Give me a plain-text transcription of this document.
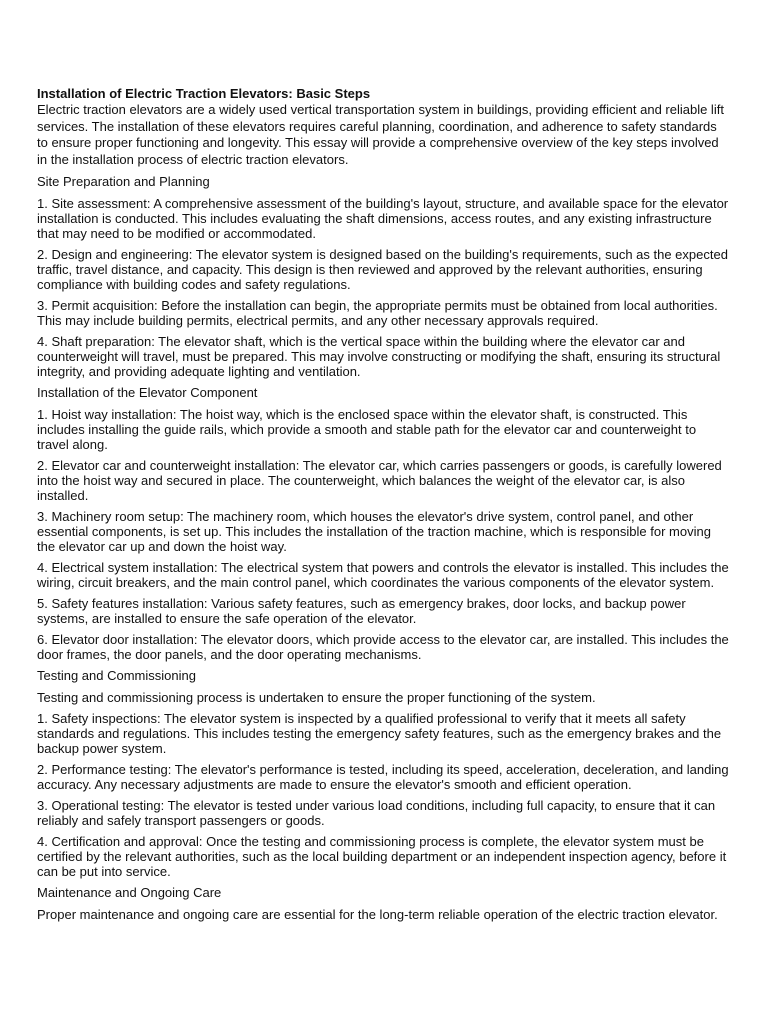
Installation of Electric Traction Elevators: Basic Steps

Electric traction elevators are a widely used vertical transportation system in buildings, providing efficient and reliable lift services. The installation of these elevators requires careful planning, coordination, and adherence to safety standards to ensure proper functioning and longevity. This essay will provide a comprehensive overview of the key steps involved in the installation process of electric traction elevators.

Site Preparation and Planning

1. Site assessment: A comprehensive assessment of the building's layout, structure, and available space for the elevator installation is conducted. This includes evaluating the shaft dimensions, access routes, and any existing infrastructure that may need to be modified or accommodated.

2. Design and engineering: The elevator system is designed based on the building's requirements, such as the expected traffic, travel distance, and capacity. This design is then reviewed and approved by the relevant authorities, ensuring compliance with building codes and safety regulations.

3. Permit acquisition: Before the installation can begin, the appropriate permits must be obtained from local authorities. This may include building permits, electrical permits, and any other necessary approvals required.

4. Shaft preparation: The elevator shaft, which is the vertical space within the building where the elevator car and counterweight will travel, must be prepared. This may involve constructing or modifying the shaft, ensuring its structural integrity, and providing adequate lighting and ventilation.

Installation of the Elevator Component

1. Hoist way installation: The hoist way, which is the enclosed space within the elevator shaft, is constructed. This includes installing the guide rails, which provide a smooth and stable path for the elevator car and counterweight to travel along.

2. Elevator car and counterweight installation: The elevator car, which carries passengers or goods, is carefully lowered into the hoist way and secured in place. The counterweight, which balances the weight of the elevator car, is also installed.

3. Machinery room setup: The machinery room, which houses the elevator's drive system, control panel, and other essential components, is set up. This includes the installation of the traction machine, which is responsible for moving the elevator car up and down the hoist way.

4. Electrical system installation: The electrical system that powers and controls the elevator is installed. This includes the wiring, circuit breakers, and the main control panel, which coordinates the various components of the elevator system.

5. Safety features installation: Various safety features, such as emergency brakes, door locks, and backup power systems, are installed to ensure the safe operation of the elevator.

6. Elevator door installation: The elevator doors, which provide access to the elevator car, are installed. This includes the door frames, the door panels, and the door operating mechanisms.

Testing and Commissioning

Testing and commissioning process is undertaken to ensure the proper functioning of the system.

1. Safety inspections: The elevator system is inspected by a qualified professional to verify that it meets all safety standards and regulations. This includes testing the emergency safety features, such as the emergency brakes and the backup power system.

2. Performance testing: The elevator's performance is tested, including its speed, acceleration, deceleration, and landing accuracy. Any necessary adjustments are made to ensure the elevator's smooth and efficient operation.

3. Operational testing: The elevator is tested under various load conditions, including full capacity, to ensure that it can reliably and safely transport passengers or goods.

4. Certification and approval: Once the testing and commissioning process is complete, the elevator system must be certified by the relevant authorities, such as the local building department or an independent inspection agency, before it can be put into service.

Maintenance and Ongoing Care

Proper maintenance and ongoing care are essential for the long-term reliable operation of the electric traction elevator.
